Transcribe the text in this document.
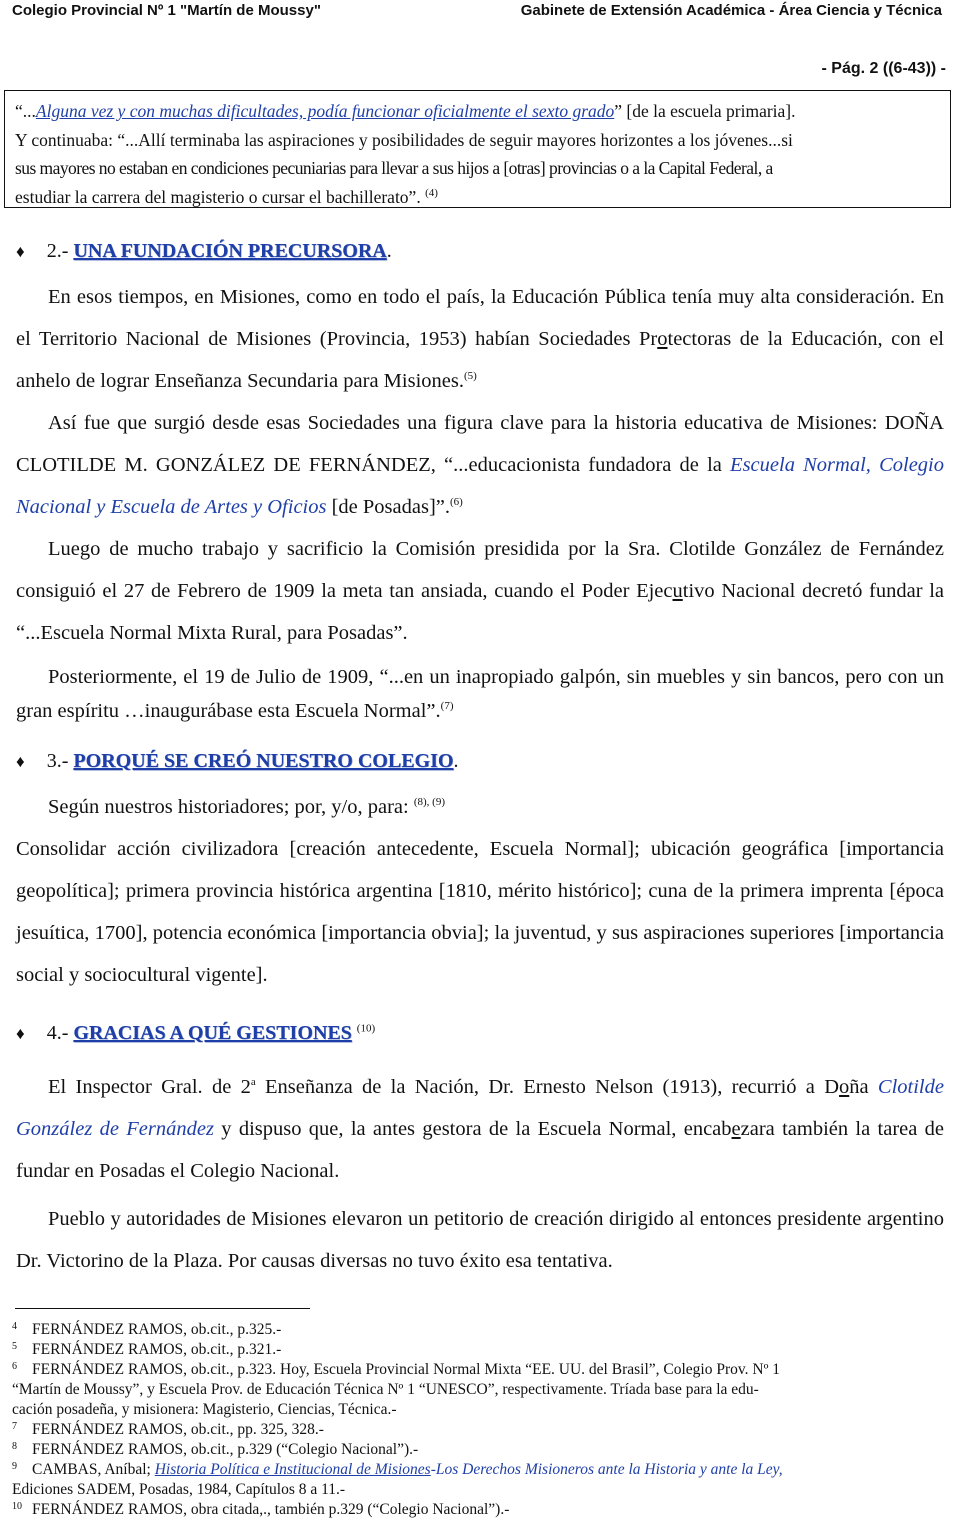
Colegio Provincial Nº 1 "Martín de Moussy"	Gabinete de Extensión Académica - Área Ciencia y Técnica
- Pág. 2 ((6-43)) -
“...Alguna vez y con muchas dificultades, podía funcionar oficialmente el sexto grado” [de la escuela primaria].
Y continuaba: “...Allí terminaba las aspiraciones y posibilidades de seguir mayores horizontes a los jóvenes...si
sus mayores no estaban en condiciones pecuniarias para llevar a sus hijos a [otras] provincias o a la Capital Federal, a
estudiar la carrera del magisterio o cursar el bachillerato”. $^{(4)}$
♦ 2.- UNA FUNDACIÓN PRECURSORA.
En esos tiempos, en Misiones, como en todo el país, la Educación Pública tenía muy alta consideración. En el Territorio Nacional de Misiones (Provincia, 1953) habían Sociedades Protectoras de la Educación, con el anhelo de lograr Enseñanza Secundaria para Misiones.$^{(5)}$
Así fue que surgió desde esas Sociedades una figura clave para la historia educativa de Misiones: DOÑA CLOTILDE M. GONZÁLEZ DE FERNÁNDEZ, “...educacionista fundadora de la Escuela Normal, Colegio Nacional y Escuela de Artes y Oficios [de Posadas]”.$^{(6)}$
Luego de mucho trabajo y sacrificio la Comisión presidida por la Sra. Clotilde González de Fernández consiguió el 27 de Febrero de 1909 la meta tan ansiada, cuando el Poder Ejecutivo Nacional decretó fundar la “...Escuela Normal Mixta Rural, para Posadas”.
Posteriormente, el 19 de Julio de 1909, “...en un inapropiado galpón, sin muebles y sin bancos, pero con un gran espíritu …inaugurábase esta Escuela Normal”.$^{(7)}$
♦ 3.- PORQUÉ SE CREÓ NUESTRO COLEGIO.
Según nuestros historiadores; por, y/o, para: $^{(8), (9)}$
Consolidar acción civilizadora [creación antecedente, Escuela Normal]; ubicación geográfica [importancia geopolítica]; primera provincia histórica argentina [1810, mérito histórico]; cuna de la primera imprenta [época jesuítica, 1700], potencia económica [importancia obvia]; la juventud, y sus aspiraciones superiores [importancia social y sociocultural vigente].
♦ 4.- GRACIAS A QUÉ GESTIONES $^{(10)}$
El Inspector Gral. de 2$^a$ Enseñanza de la Nación, Dr. Ernesto Nelson (1913), recurrió a Doña Clotilde González de Fernández y dispuso que, la antes gestora de la Escuela Normal, encabezara también la tarea de fundar en Posadas el Colegio Nacional.
Pueblo y autoridades de Misiones elevaron un petitorio de creación dirigido al entonces presidente argentino Dr. Victorino de la Plaza. Por causas diversas no tuvo éxito esa tentativa.
4 FERNÁNDEZ RAMOS, ob.cit., p.325.-
5 FERNÁNDEZ RAMOS, ob.cit., p.321.-
6 FERNÁNDEZ RAMOS, ob.cit., p.323. Hoy, Escuela Provincial Normal Mixta “EE. UU. del Brasil”, Colegio Prov. Nº 1
“Martín de Moussy”, y Escuela Prov. de Educación Técnica Nº 1 “UNESCO”, respectivamente. Tríada base para la edu-
cación posadeña, y misionera: Magisterio, Ciencias, Técnica.-
7 FERNÁNDEZ RAMOS, ob.cit., pp. 325, 328.-
8 FERNÁNDEZ RAMOS, ob.cit., p.329 (“Colegio Nacional”).-
9 CAMBAS, Aníbal; Historia Política e Institucional de Misiones-Los Derechos Misioneros ante la Historia y ante la Ley,
Ediciones SADEM, Posadas, 1984, Capítulos 8 a 11.-
10 FERNÁNDEZ RAMOS, obra citada,., también p.329 (“Colegio Nacional”).-
